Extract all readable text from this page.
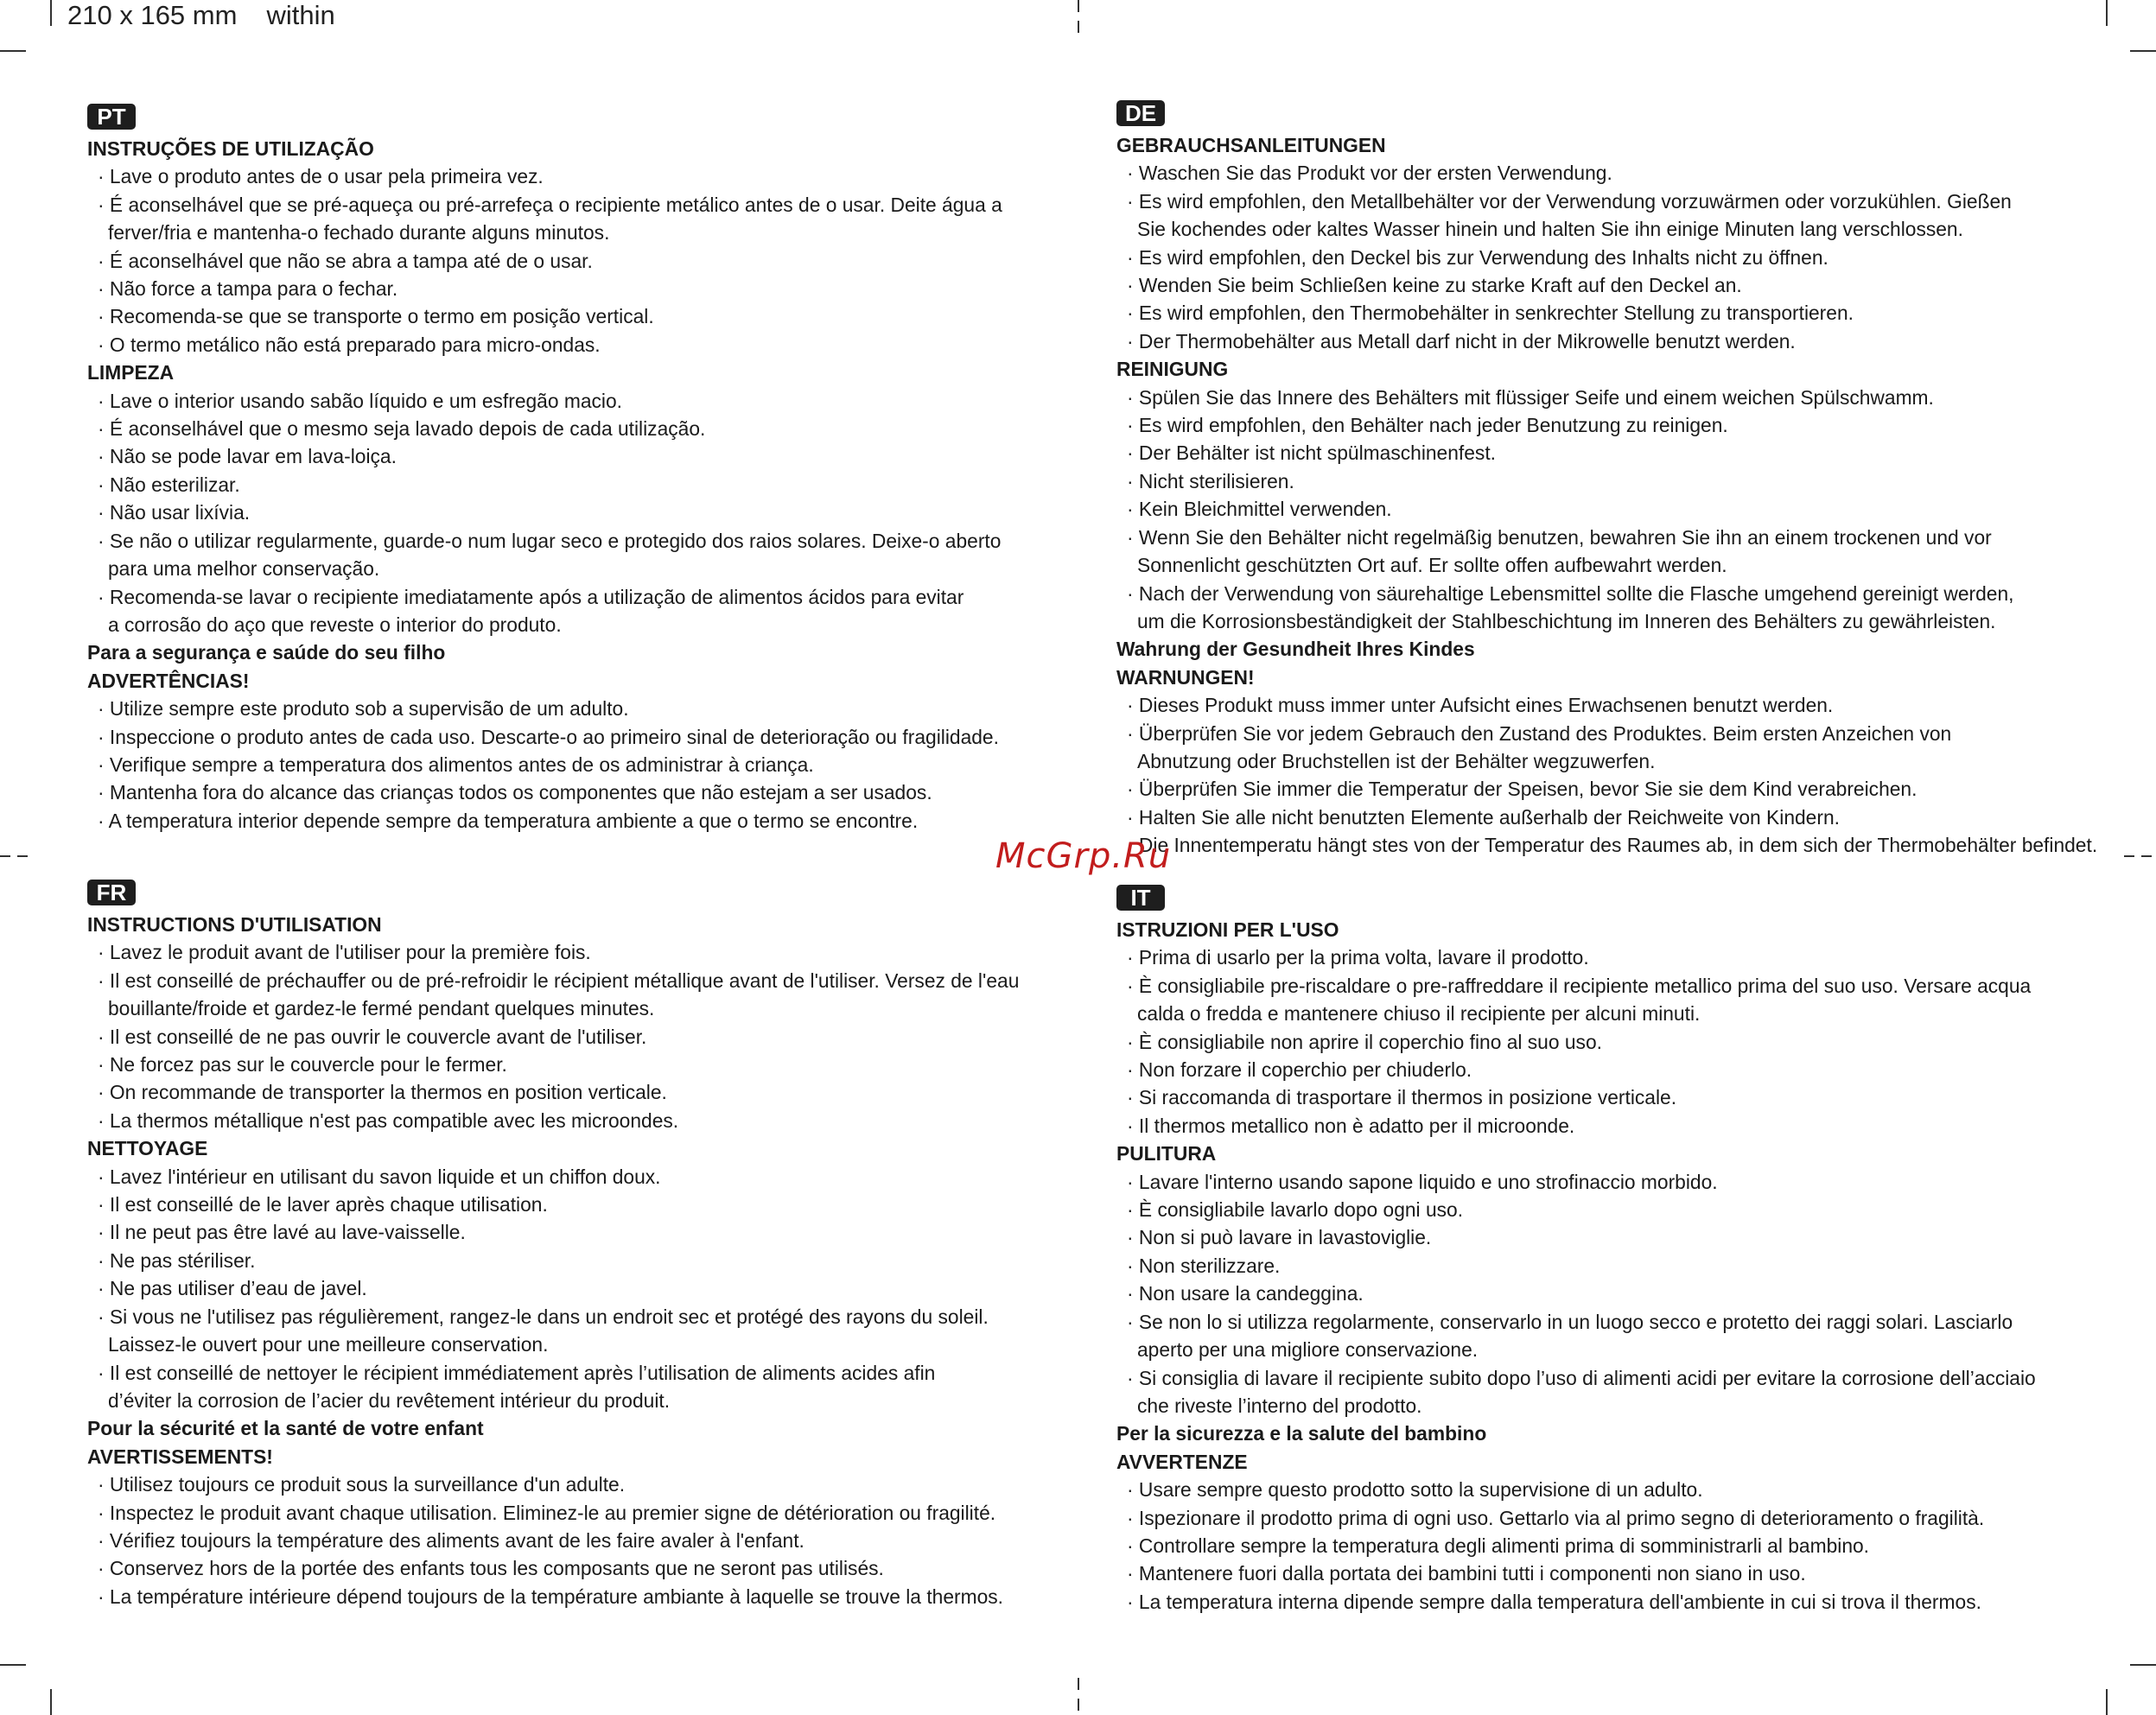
210 x 165 mm within
PT
INSTRUÇÕES DE UTILIZAÇÃO
· Lave o produto antes de o usar pela primeira vez.
· É aconselhável que se pré-aqueça ou pré-arrefeça o recipiente metálico antes de o usar. Deite água a
ferver/fria e mantenha-o fechado durante alguns minutos.
· É aconselhável que não se abra a tampa até de o usar.
· Não force a tampa para o fechar.
· Recomenda-se que se transporte o termo em posição vertical.
· O termo metálico não está preparado para micro-ondas.
LIMPEZA
· Lave o interior usando sabão líquido e um esfregão macio.
· É aconselhável que o mesmo seja lavado depois de cada utilização.
· Não se pode lavar em lava-loiça.
· Não esterilizar.
· Não usar lixívia.
· Se não o utilizar regularmente, guarde-o num lugar seco e protegido dos raios solares. Deixe-o aberto
para uma melhor conservação.
· Recomenda-se lavar o recipiente imediatamente após a utilização de alimentos ácidos para evitar
a corrosão do aço que reveste o interior do produto.
Para a segurança e saúde do seu filho
ADVERTÊNCIAS!
· Utilize sempre este produto sob a supervisão de um adulto.
· Inspeccione o produto antes de cada uso. Descarte-o ao primeiro sinal de deterioração ou fragilidade.
· Verifique sempre a temperatura dos alimentos antes de os administrar à criança.
· Mantenha fora do alcance das crianças todos os componentes que não estejam a ser usados.
· A temperatura interior depende sempre da temperatura ambiente a que o termo se encontre.
FR
INSTRUCTIONS D'UTILISATION
· Lavez le produit avant de l'utiliser pour la première fois.
· Il est conseillé de préchauffer ou de pré-refroidir le récipient métallique avant de l'utiliser. Versez de l'eau
bouillante/froide et gardez-le fermé pendant quelques minutes.
· Il est conseillé de ne pas ouvrir le couvercle avant de l'utiliser.
· Ne forcez pas sur le couvercle pour le fermer.
· On recommande de transporter la thermos en position verticale.
· La thermos métallique n'est pas compatible avec les microondes.
NETTOYAGE
· Lavez l'intérieur en utilisant du savon liquide et un chiffon doux.
· Il est conseillé de le laver après chaque utilisation.
· Il ne peut pas être lavé au lave-vaisselle.
· Ne pas stériliser.
· Ne pas utiliser d’eau de javel.
· Si vous ne l'utilisez pas régulièrement, rangez-le dans un endroit sec et protégé des rayons du soleil.
Laissez-le ouvert pour une meilleure conservation.
· Il est conseillé de nettoyer le récipient immédiatement après l’utilisation de aliments acides afin
d’éviter la corrosion de l’acier du revêtement intérieur du produit.
Pour la sécurité et la santé de votre enfant
AVERTISSEMENTS!
· Utilisez toujours ce produit sous la surveillance d'un adulte.
· Inspectez le produit avant chaque utilisation. Eliminez-le au premier signe de détérioration ou fragilité.
· Vérifiez toujours la température des aliments avant de les faire avaler à l'enfant.
· Conservez hors de la portée des enfants tous les composants que ne seront pas utilisés.
· La température intérieure dépend toujours de la température ambiante à laquelle se trouve la thermos.
DE
GEBRAUCHSANLEITUNGEN
· Waschen Sie das Produkt vor der ersten Verwendung.
· Es wird empfohlen, den Metallbehälter vor der Verwendung vorzuwärmen oder vorzukühlen. Gießen
Sie kochendes oder kaltes Wasser hinein und halten Sie ihn einige Minuten lang verschlossen.
· Es wird empfohlen, den Deckel bis zur Verwendung des Inhalts nicht zu öffnen.
· Wenden Sie beim Schließen keine zu starke Kraft auf den Deckel an.
· Es wird empfohlen, den Thermobehälter in senkrechter Stellung zu transportieren.
· Der Thermobehälter aus Metall darf nicht in der Mikrowelle benutzt werden.
REINIGUNG
· Spülen Sie das Innere des Behälters mit flüssiger Seife und einem weichen Spülschwamm.
· Es wird empfohlen, den Behälter nach jeder Benutzung zu reinigen.
· Der Behälter ist nicht spülmaschinenfest.
· Nicht sterilisieren.
· Kein Bleichmittel verwenden.
· Wenn Sie den Behälter nicht regelmäßig benutzen, bewahren Sie ihn an einem trockenen und vor
Sonnenlicht geschützten Ort auf. Er sollte offen aufbewahrt werden.
· Nach der Verwendung von säurehaltige Lebensmittel sollte die Flasche umgehend gereinigt werden,
um die Korrosionsbeständigkeit der Stahlbeschichtung im Inneren des Behälters zu gewährleisten.
Wahrung der Gesundheit Ihres Kindes
WARNUNGEN!
· Dieses Produkt muss immer unter Aufsicht eines Erwachsenen benutzt werden.
· Überprüfen Sie vor jedem Gebrauch den Zustand des Produktes. Beim ersten Anzeichen von
Abnutzung oder Bruchstellen ist der Behälter wegzuwerfen.
· Überprüfen Sie immer die Temperatur der Speisen, bevor Sie sie dem Kind verabreichen.
· Halten Sie alle nicht benutzten Elemente außerhalb der Reichweite von Kindern.
· Die Innentemperatu hängt stes von der Temperatur des Raumes ab, in dem sich der Thermobehälter befindet.
IT
ISTRUZIONI PER L'USO
· Prima di usarlo per la prima volta, lavare il prodotto.
· È consigliabile pre-riscaldare o pre-raffreddare il recipiente metallico prima del suo uso. Versare acqua
calda o fredda e mantenere chiuso il recipiente per alcuni minuti.
· È consigliabile non aprire il coperchio fino al suo uso.
· Non forzare il coperchio per chiuderlo.
· Si raccomanda di trasportare il thermos in posizione verticale.
· Il thermos metallico non è adatto per il microonde.
PULITURA
· Lavare l'interno usando sapone liquido e uno strofinaccio morbido.
· È consigliabile lavarlo dopo ogni uso.
· Non si può lavare in lavastoviglie.
· Non sterilizzare.
· Non usare la candeggina.
· Se non lo si utilizza regolarmente, conservarlo in un luogo secco e protetto dei raggi solari. Lasciarlo
aperto per una migliore conservazione.
· Si consiglia di lavare il recipiente subito dopo l’uso di alimenti acidi per evitare la corrosione dell’acciaio
che riveste l’interno del prodotto.
Per la sicurezza e la salute del bambino
AVVERTENZE
· Usare sempre questo prodotto sotto la supervisione di un adulto.
· Ispezionare il prodotto prima di ogni uso. Gettarlo via al primo segno di deterioramento o fragilità.
· Controllare sempre la temperatura degli alimenti prima di somministrarli al bambino.
· Mantenere fuori dalla portata dei bambini tutti i componenti non siano in uso.
· La temperatura interna dipende sempre dalla temperatura dell'ambiente in cui si trova il thermos.
McGrp.Ru
